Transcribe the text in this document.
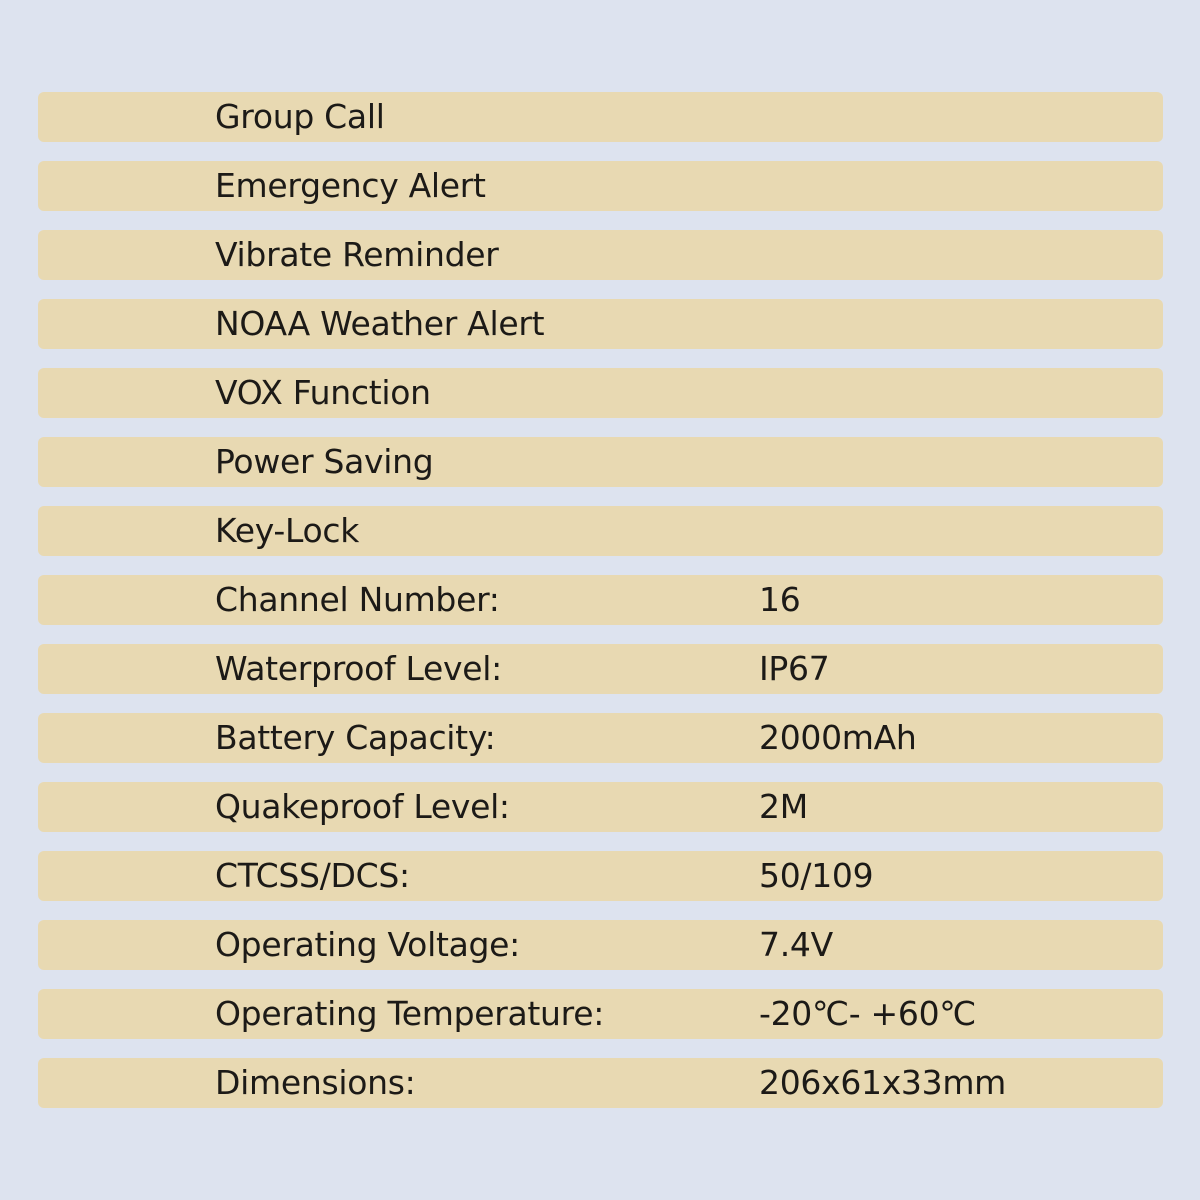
Group Call
Emergency Alert
Vibrate Reminder
NOAA Weather Alert
VOX Function
Power Saving
Key-Lock
Channel Number:	16
Waterproof Level:	IP67
Battery Capacity:	2000mAh
Quakeproof Level:	2M
CTCSS/DCS:	50/109
Operating Voltage:	7.4V
Operating Temperature:	-20℃- +60℃
Dimensions:	206x61x33mm
